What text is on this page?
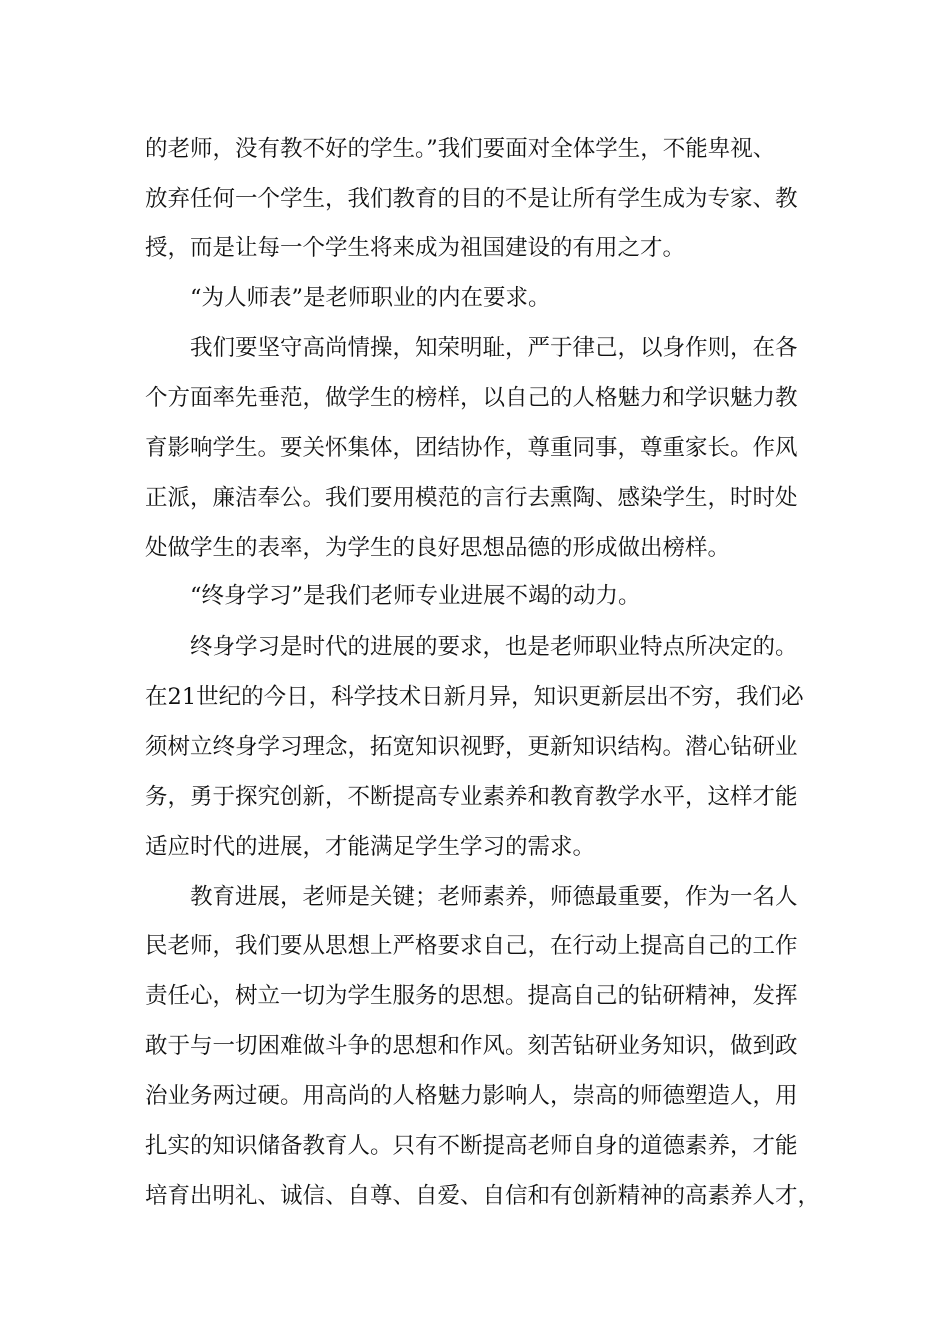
的老师，没有教不好的学生。”我们要面对全体学生，不能卑视、
放弃任何一个学生，我们教育的目的不是让所有学生成为专家、教
授，而是让每一个学生将来成为祖国建设的有用之才。
“为人师表”是老师职业的内在要求。
我们要坚守高尚情操，知荣明耻，严于律己，以身作则，在各
个方面率先垂范，做学生的榜样，以自己的人格魅力和学识魅力教
育影响学生。要关怀集体，团结协作，尊重同事，尊重家长。作风
正派，廉洁奉公。我们要用模范的言行去熏陶、感染学生，时时处
处做学生的表率，为学生的良好思想品德的形成做出榜样。
“终身学习”是我们老师专业进展不竭的动力。
终身学习是时代的进展的要求，也是老师职业特点所决定的。
在21世纪的今日，科学技术日新月异，知识更新层出不穷，我们必
须树立终身学习理念，拓宽知识视野，更新知识结构。潜心钻研业
务，勇于探究创新，不断提高专业素养和教育教学水平，这样才能
适应时代的进展，才能满足学生学习的需求。
教育进展，老师是关键；老师素养，师德最重要，作为一名人
民老师，我们要从思想上严格要求自己，在行动上提高自己的工作
责任心，树立一切为学生服务的思想。提高自己的钻研精神，发挥
敢于与一切困难做斗争的思想和作风。刻苦钻研业务知识，做到政
治业务两过硬。用高尚的人格魅力影响人，崇高的师德塑造人，用
扎实的知识储备教育人。只有不断提高老师自身的道德素养，才能
培育出明礼、诚信、自尊、自爱、自信和有创新精神的高素养人才，
